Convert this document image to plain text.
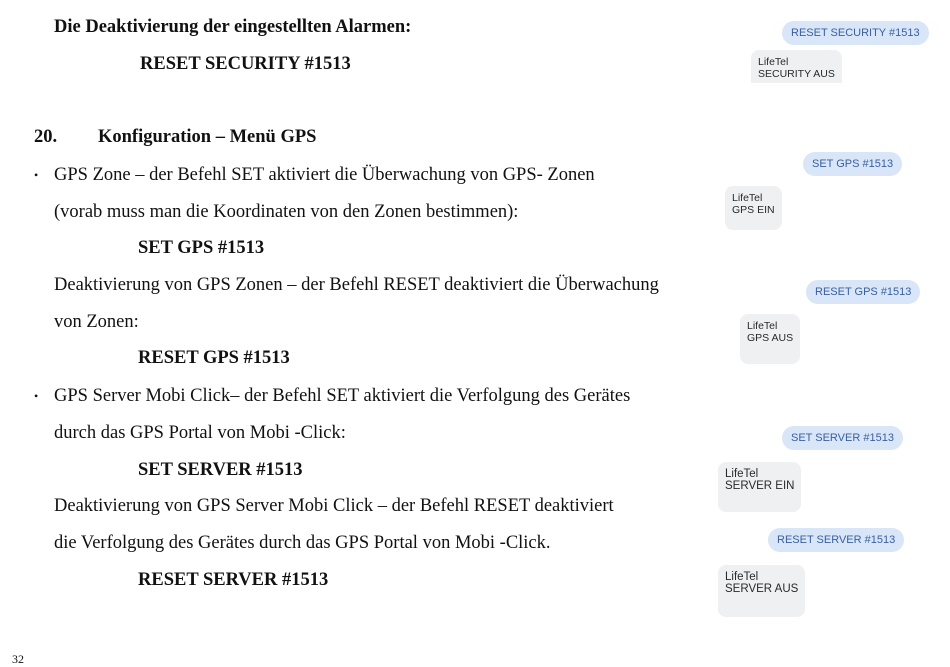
Die Deaktivierung der eingestellten Alarmen:
RESET SECURITY #1513
20. Konfiguration – Menü GPS
• GPS Zone – der Befehl SET aktiviert die Überwachung von GPS- Zonen
(vorab muss man die Koordinaten von den Zonen bestimmen):
SET GPS #1513
Deaktivierung von GPS Zonen – der Befehl RESET deaktiviert die Überwachung
von Zonen:
RESET GPS #1513
• GPS Server Mobi Click– der Befehl SET aktiviert die Verfolgung des Gerätes
durch das GPS Portal von Mobi -Click:
SET SERVER #1513
Deaktivierung von GPS Server Mobi Click – der Befehl RESET deaktiviert
die Verfolgung des Gerätes durch das GPS Portal von Mobi -Click.
RESET SERVER #1513
32
RESET SECURITY #1513
LifeTel
SECURITY AUS
SET GPS #1513
LifeTel
GPS EIN
RESET GPS #1513
LifeTel
GPS AUS
SET SERVER #1513
LifeTel
SERVER EIN
RESET SERVER #1513
LifeTel
SERVER AUS
